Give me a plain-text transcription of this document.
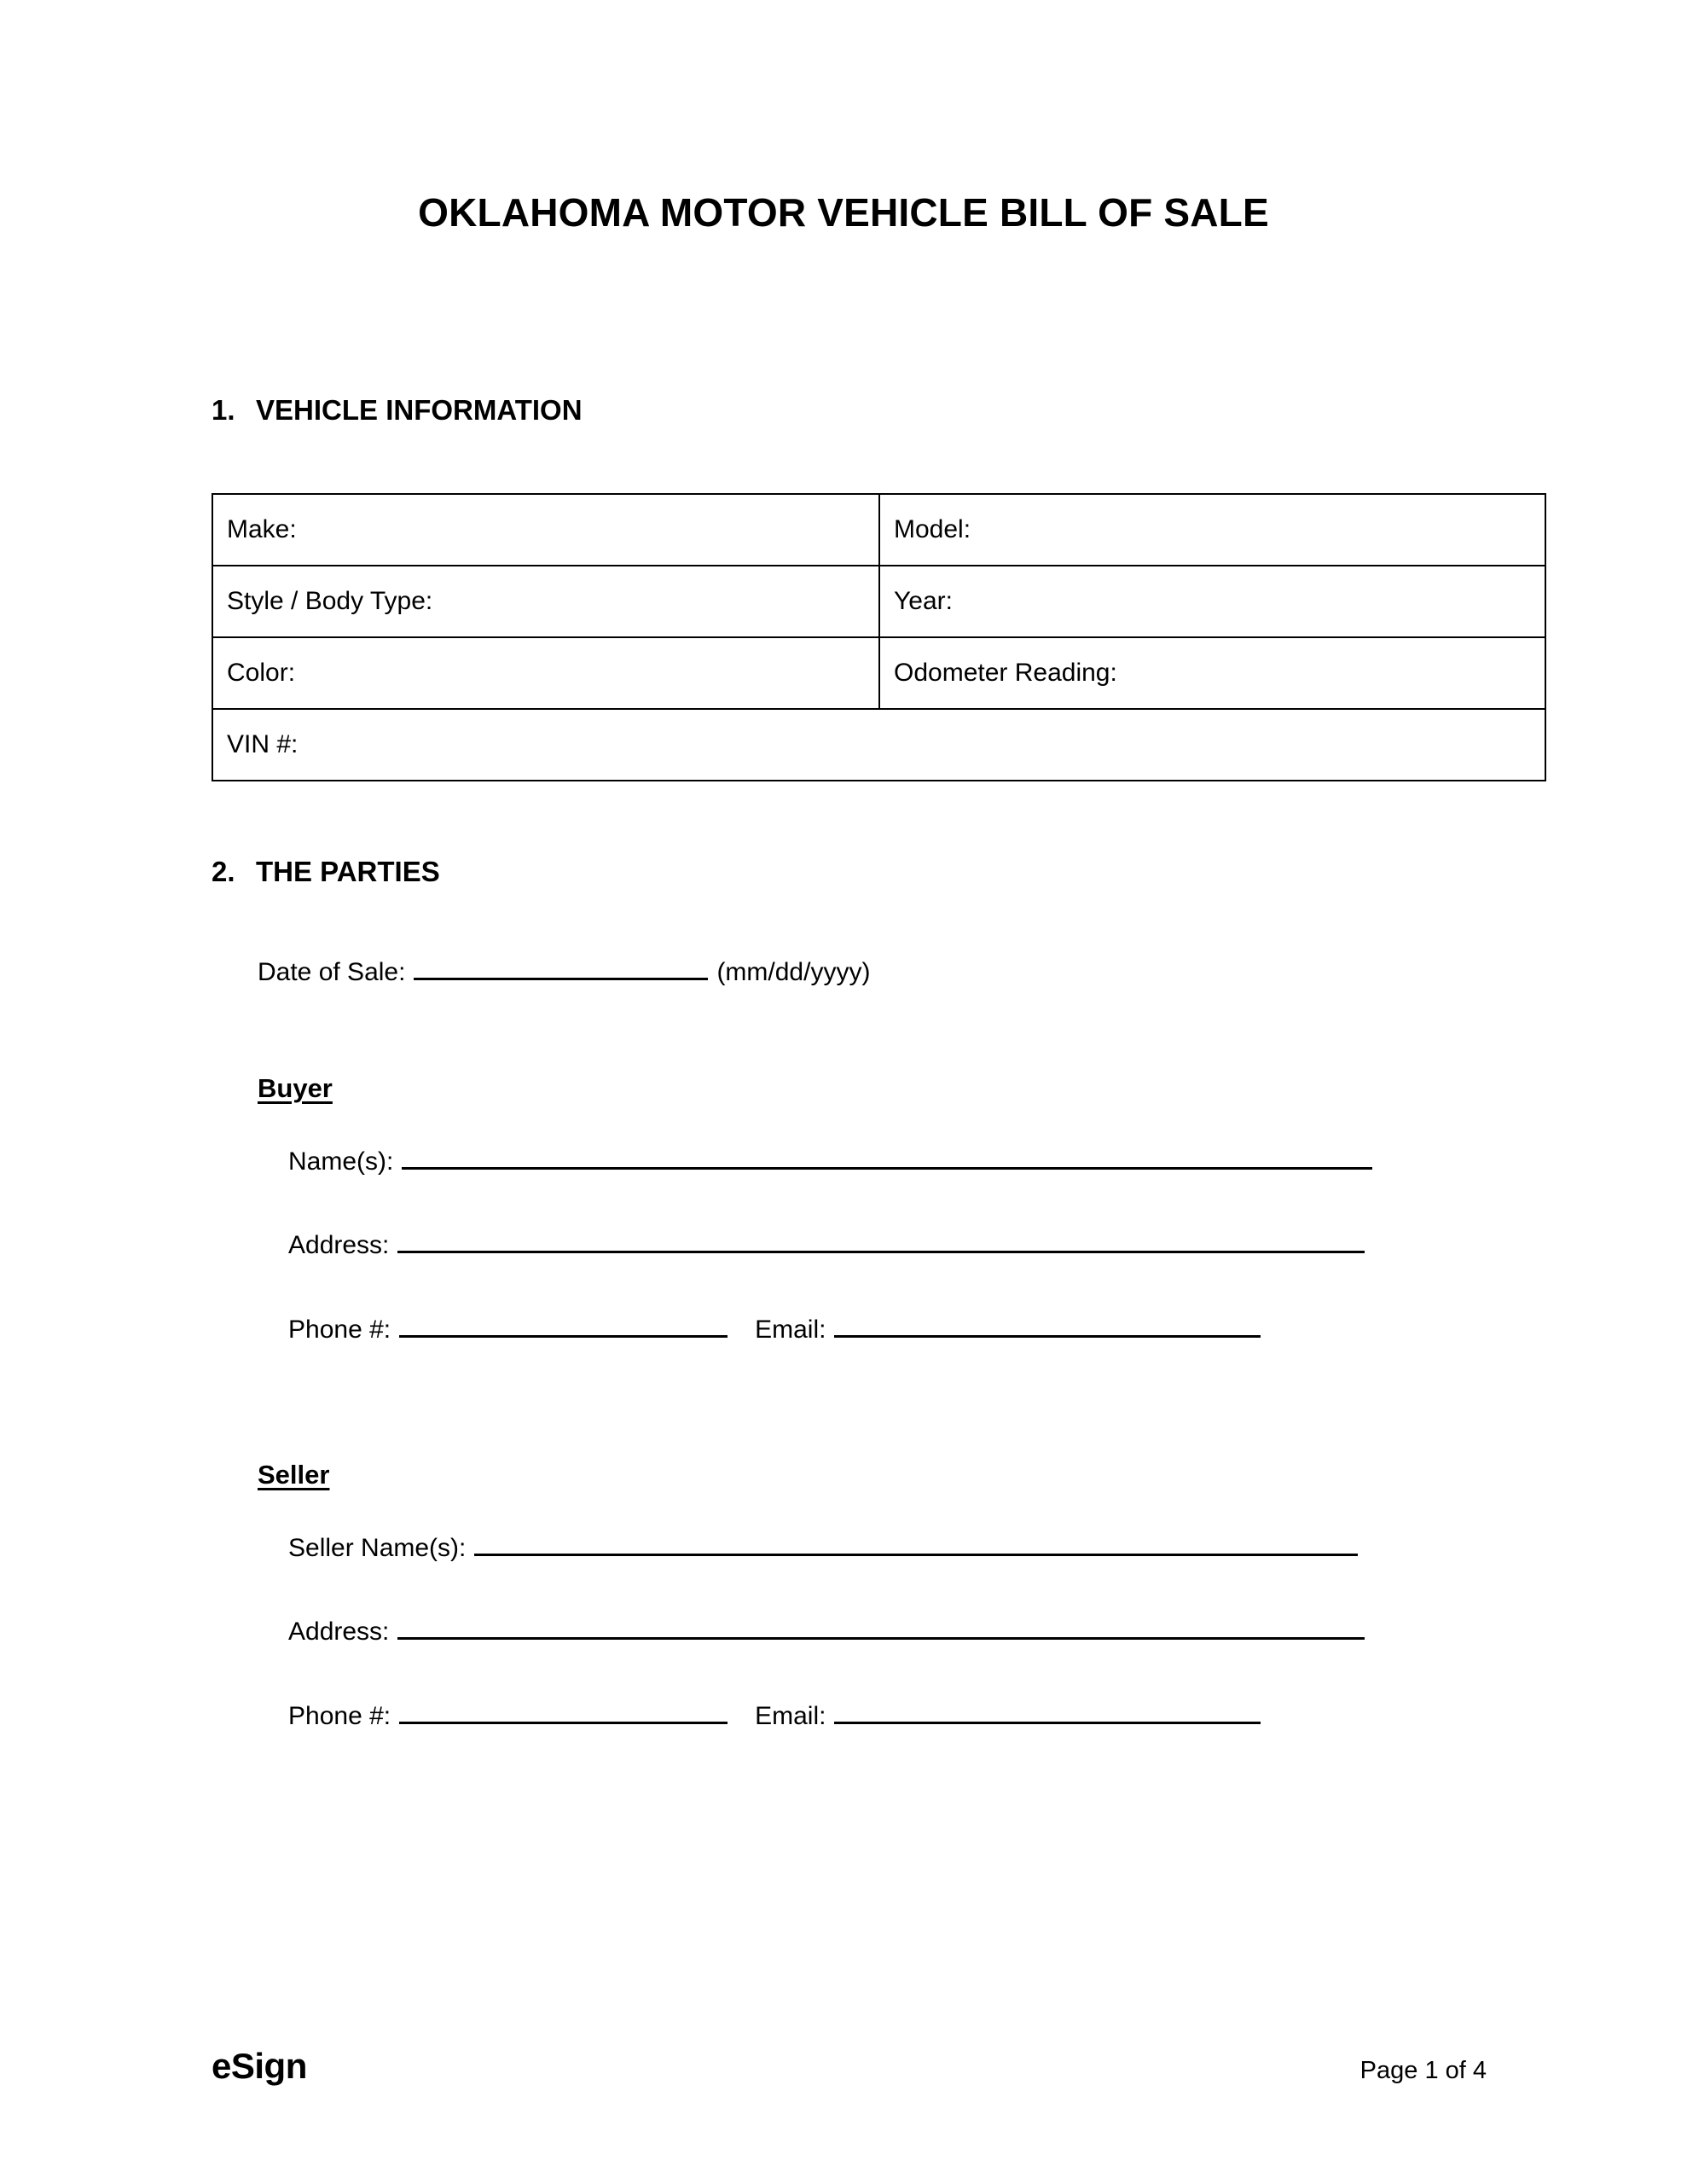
OKLAHOMA MOTOR VEHICLE BILL OF SALE
1. VEHICLE INFORMATION
Make:	Model:
Style / Body Type:	Year:
Color:	Odometer Reading:
VIN #:	
2. THE PARTIES
Date of Sale:	(mm/dd/yyyy)
Buyer
Name(s):
Address:
Phone #:	Email:
Seller
Seller Name(s):
Address:
Phone #:	Email:
eSign	Page 1 of 4
